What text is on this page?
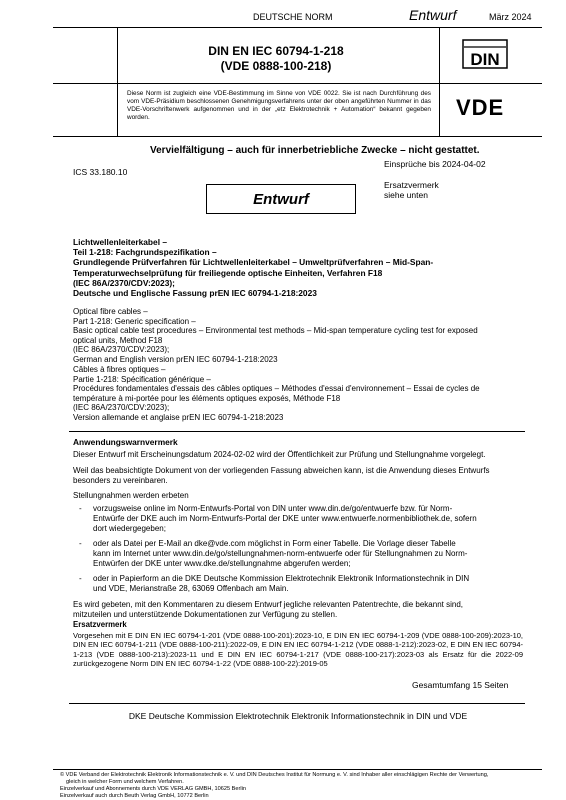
DEUTSCHE NORM	Entwurf	März 2024
DIN EN IEC 60794-1-218
(VDE 0888-100-218)	DIN
Diese Norm ist zugleich eine VDE-Bestimmung im Sinne von VDE 0022. Sie ist nach Durchführung des vom VDE-Präsidium beschlossenen Genehmigungsverfahrens unter der oben angeführten Nummer in das VDE-Vorschriftenwerk aufgenommen und in der „etz Elektrotechnik + Automation“ bekannt gegeben worden.	VDE
Vervielfältigung – auch für innerbetriebliche Zwecke – nicht gestattet.
Einsprüche bis 2024-04-02
ICS 33.180.10
Ersatzvermerk
siehe unten
Entwurf
Lichtwellenleiterkabel –
Teil 1-218: Fachgrundspezifikation –
Grundlegende Prüfverfahren für Lichtwellenleiterkabel – Umweltprüfverfahren – Mid-Span-
Temperaturwechselprüfung für freiliegende optische Einheiten, Verfahren F18
(IEC 86A/2370/CDV:2023);
Deutsche und Englische Fassung prEN IEC 60794-1-218:2023
Optical fibre cables –
Part 1-218: Generic specification –
Basic optical cable test procedures – Environmental test methods – Mid-span temperature cycling test for exposed
optical units, Method F18
(IEC 86A/2370/CDV:2023);
German and English version prEN IEC 60794-1-218:2023
Câbles à fibres optiques –
Partie 1-218: Spécification générique –
Procédures fondamentales d'essais des câbles optiques – Méthodes d'essai d'environnement – Essai de cycles de
température à mi-portée pour les éléments optiques exposés, Méthode F18
(IEC 86A/2370/CDV:2023);
Version allemande et anglaise prEN IEC 60794-1-218:2023
Anwendungswarnvermerk
Dieser Entwurf mit Erscheinungsdatum 2024-02-02 wird der Öffentlichkeit zur Prüfung und Stellungnahme vorgelegt.
Weil das beabsichtigte Dokument von der vorliegenden Fassung abweichen kann, ist die Anwendung dieses Entwurfs
besonders zu vereinbaren.
Stellungnahmen werden erbeten
- vorzugsweise online im Norm-Entwurfs-Portal von DIN unter www.din.de/go/entwuerfe bzw. für Norm-
Entwürfe der DKE auch im Norm-Entwurfs-Portal der DKE unter www.entwuerfe.normenbibliothek.de, sofern
dort wiedergegeben;
- oder als Datei per E-Mail an dke@vde.com möglichst in Form einer Tabelle. Die Vorlage dieser Tabelle
kann im Internet unter www.din.de/go/stellungnahmen-norm-entwuerfe oder für Stellungnahmen zu Norm-
Entwürfen der DKE unter www.dke.de/stellungnahme abgerufen werden;
- oder in Papierform an die DKE Deutsche Kommission Elektrotechnik Elektronik Informationstechnik in DIN
und VDE, Merianstraße 28, 63069 Offenbach am Main.
Es wird gebeten, mit den Kommentaren zu diesem Entwurf jegliche relevanten Patentrechte, die bekannt sind,
mitzuteilen und unterstützende Dokumentationen zur Verfügung zu stellen.
Ersatzvermerk
Vorgesehen mit E DIN EN IEC 60794-1-201 (VDE 0888-100-201):2023-10, E DIN EN IEC 60794-1-209 (VDE 0888-100-209):2023-10, DIN EN IEC 60794-1-211 (VDE 0888-100-211):2022-09, E DIN EN IEC 60794-1-212 (VDE 0888-1-212):2023-02, E DIN EN IEC 60794-1-213 (VDE 0888-100-213):2023-11 und E DIN EN IEC 60794-1-217 (VDE 0888-100-217):2023-03 als Ersatz für die 2022-09 zurückgezogene Norm DIN EN IEC 60794-1-22 (VDE 0888-100-22):2019-05
Gesamtumfang 15 Seiten
DKE Deutsche Kommission Elektrotechnik Elektronik Informationstechnik in DIN und VDE
© VDE Verband der Elektrotechnik Elektronik Informationstechnik e. V. und DIN Deutsches Institut für Normung e. V. sind Inhaber aller einschlägigen Rechte der Verwertung,
gleich in welcher Form und welchem Verfahren.
Einzelverkauf und Abonnements durch VDE VERLAG GMBH, 10625 Berlin
Einzelverkauf auch durch Beuth Verlag GmbH, 10772 Berlin
